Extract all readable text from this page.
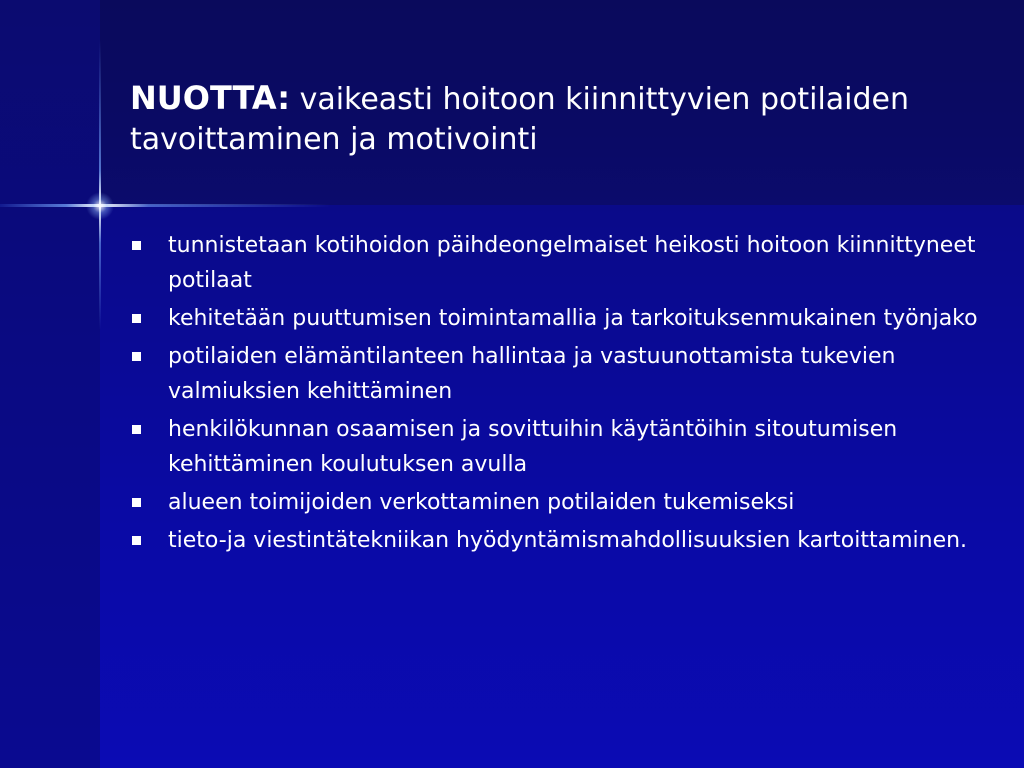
NUOTTA: vaikeasti hoitoon kiinnittyvien potilaiden tavoittaminen ja motivointi
tunnistetaan kotihoidon päihdeongelmaiset heikosti hoitoon kiinnittyneet potilaat
kehitetään puuttumisen toimintamallia ja tarkoituksenmukainen työnjako
potilaiden elämäntilanteen hallintaa ja vastuunottamista tukevien valmiuksien kehittäminen
henkilökunnan osaamisen ja sovittuihin käytäntöihin sitoutumisen kehittäminen koulutuksen avulla
alueen toimijoiden verkottaminen potilaiden tukemiseksi
tieto-ja viestintätekniikan hyödyntämismahdollisuuksien kartoittaminen.
